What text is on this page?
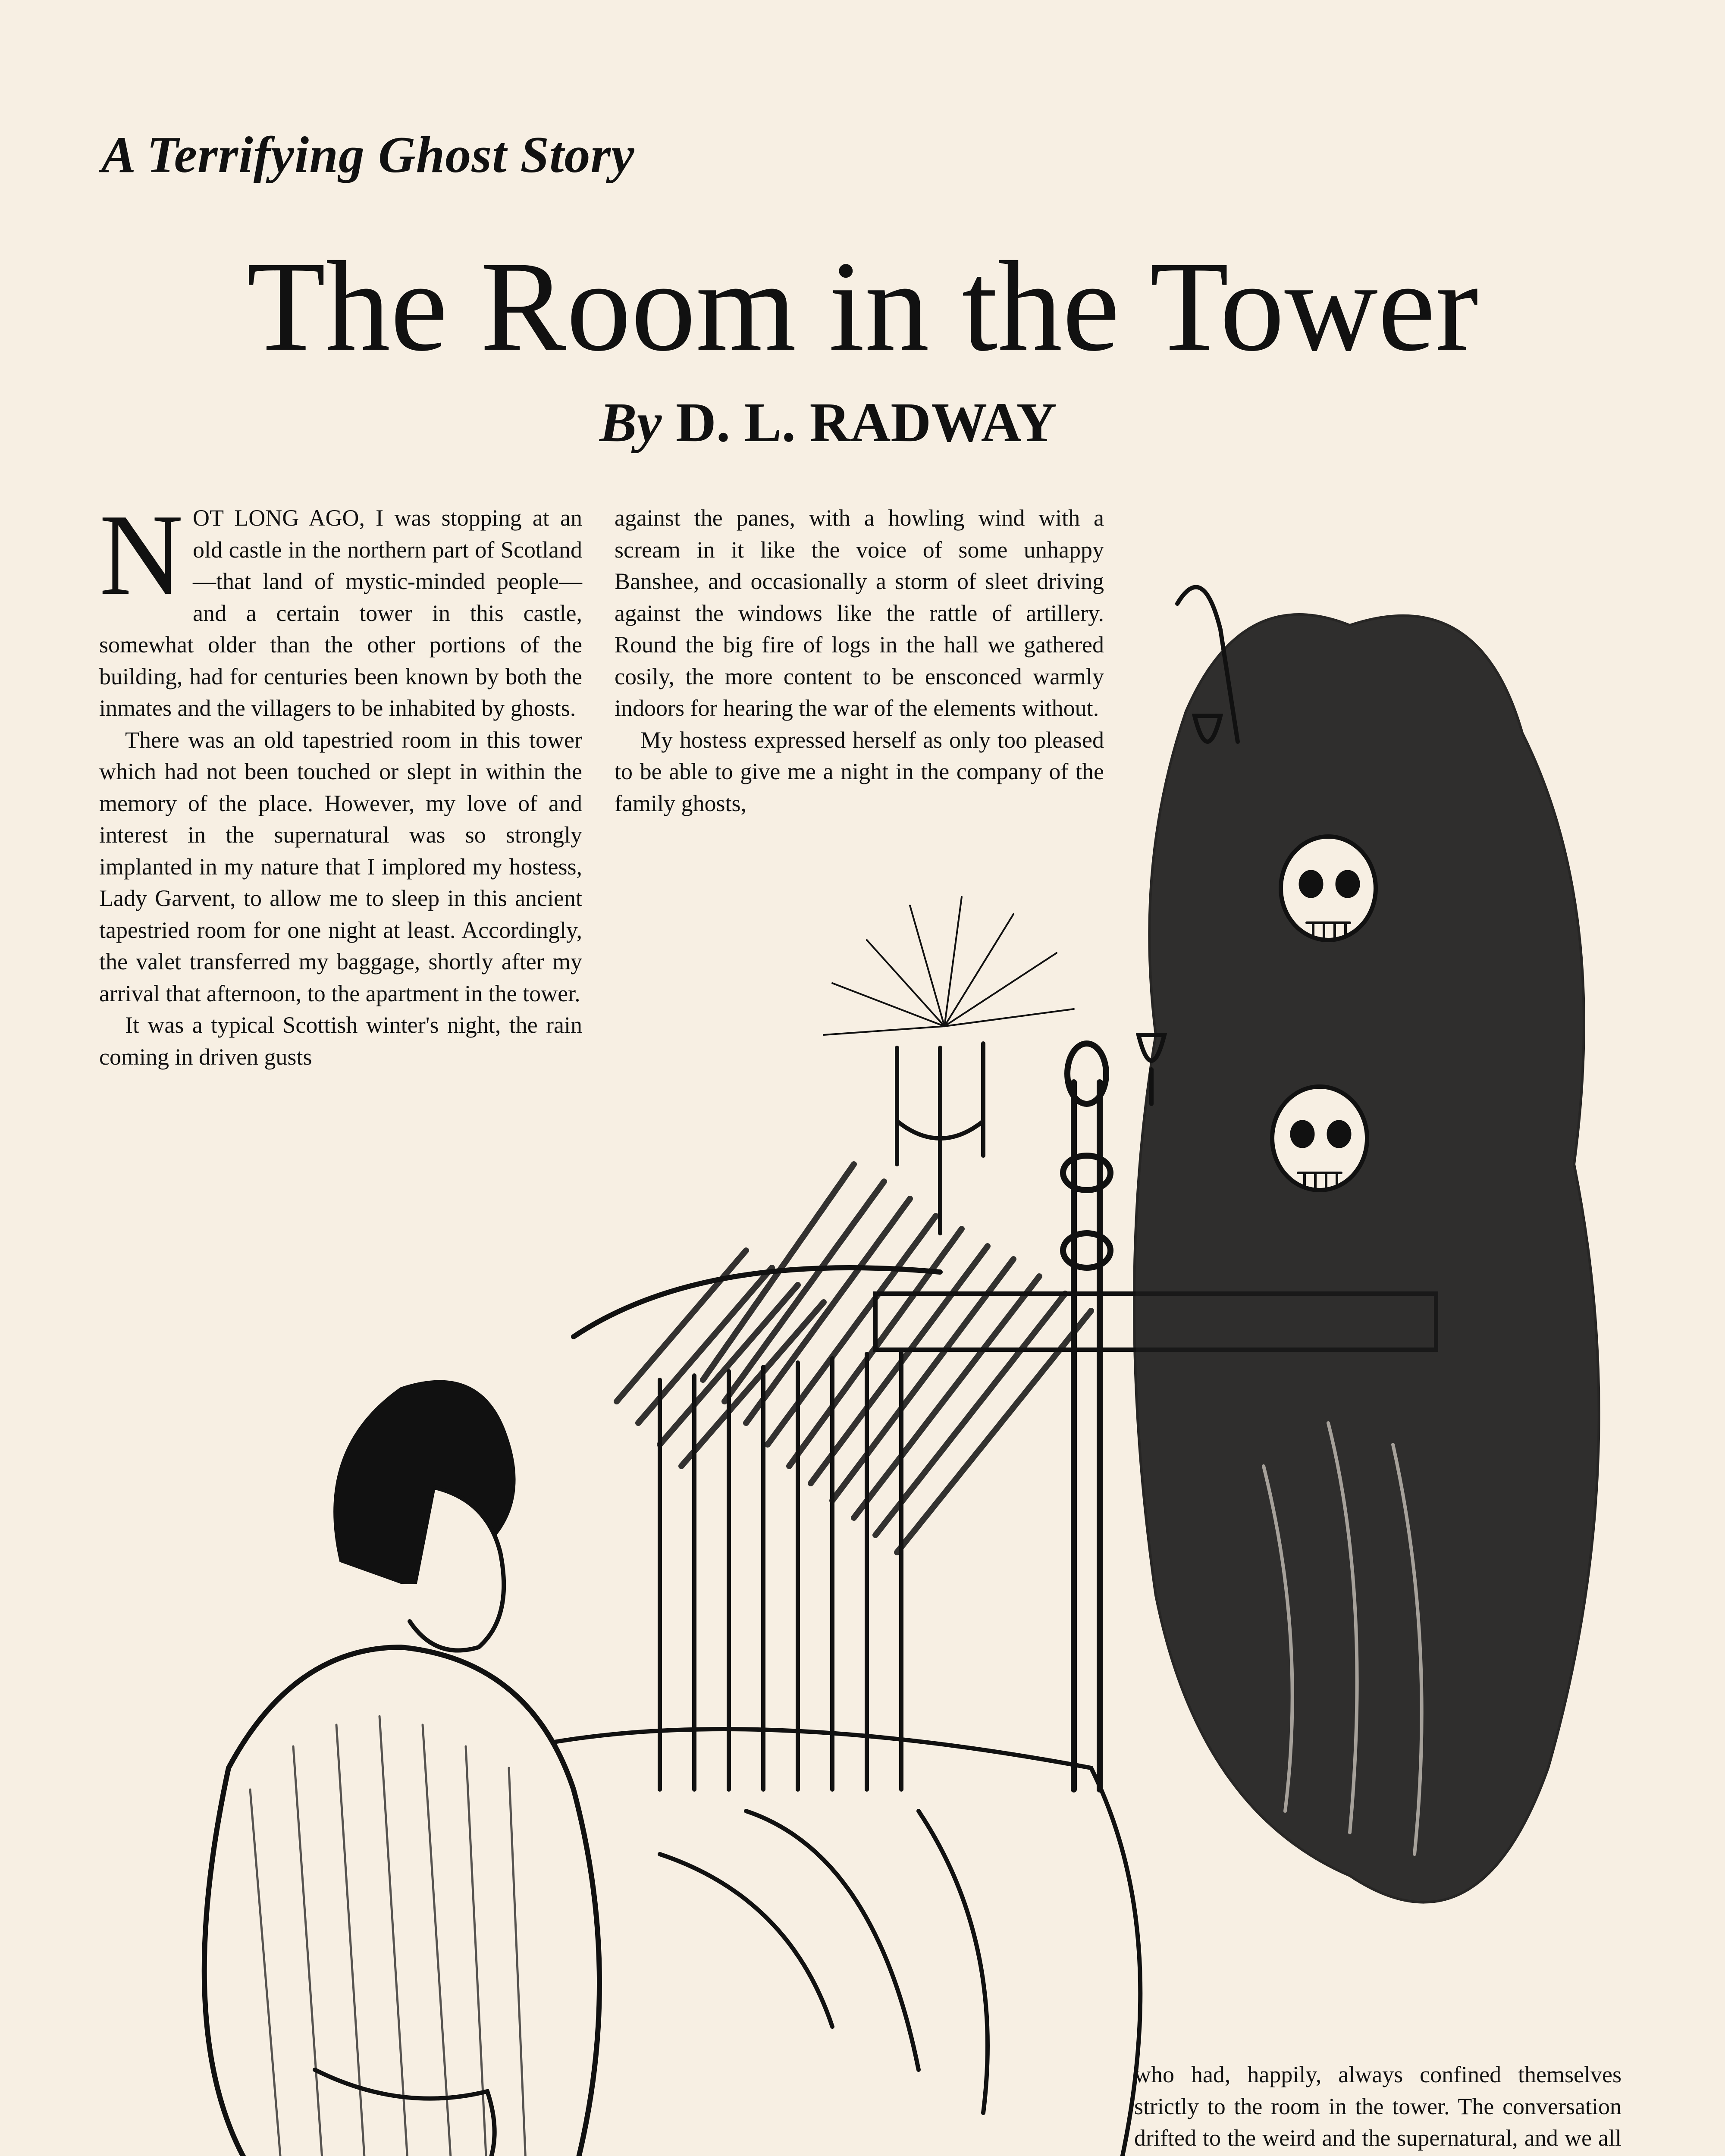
A Terrifying Ghost Story
The Room in the Tower
By D. L. RADWAY

NOT LONG AGO, I was stopping at an old castle in the northern part of Scotland—that land of mystic-minded people—and a certain tower in this castle, somewhat older than the other portions of the building, had for centuries been known by both the inmates and the villagers to be inhabited by ghosts.

There was an old tapestried room in this tower which had not been touched or slept in within the memory of the place. However, my love of and interest in the supernatural was so strongly implanted in my nature that I implored my hostess, Lady Garvent, to allow me to sleep in this ancient tapestried room for one night at least. Accordingly, the valet transferred my baggage, shortly after my arrival that afternoon, to the apartment in the tower.

It was a typical Scottish winter's night, the rain coming in driven gusts

against the panes, with a howling wind with a scream in it like the voice of some unhappy Banshee, and occasionally a storm of sleet driving against the windows like the rattle of artillery. Round the big fire of logs in the hall we gathered cosily, the more content to be ensconced warmly indoors for hearing the war of the elements without.

My hostess expressed herself as only too pleased to be able to give me a night in the company of the family ghosts,

who had, happily, always confined themselves strictly to the room in the tower. The conversation drifted to the weird and the supernatural, and we all
